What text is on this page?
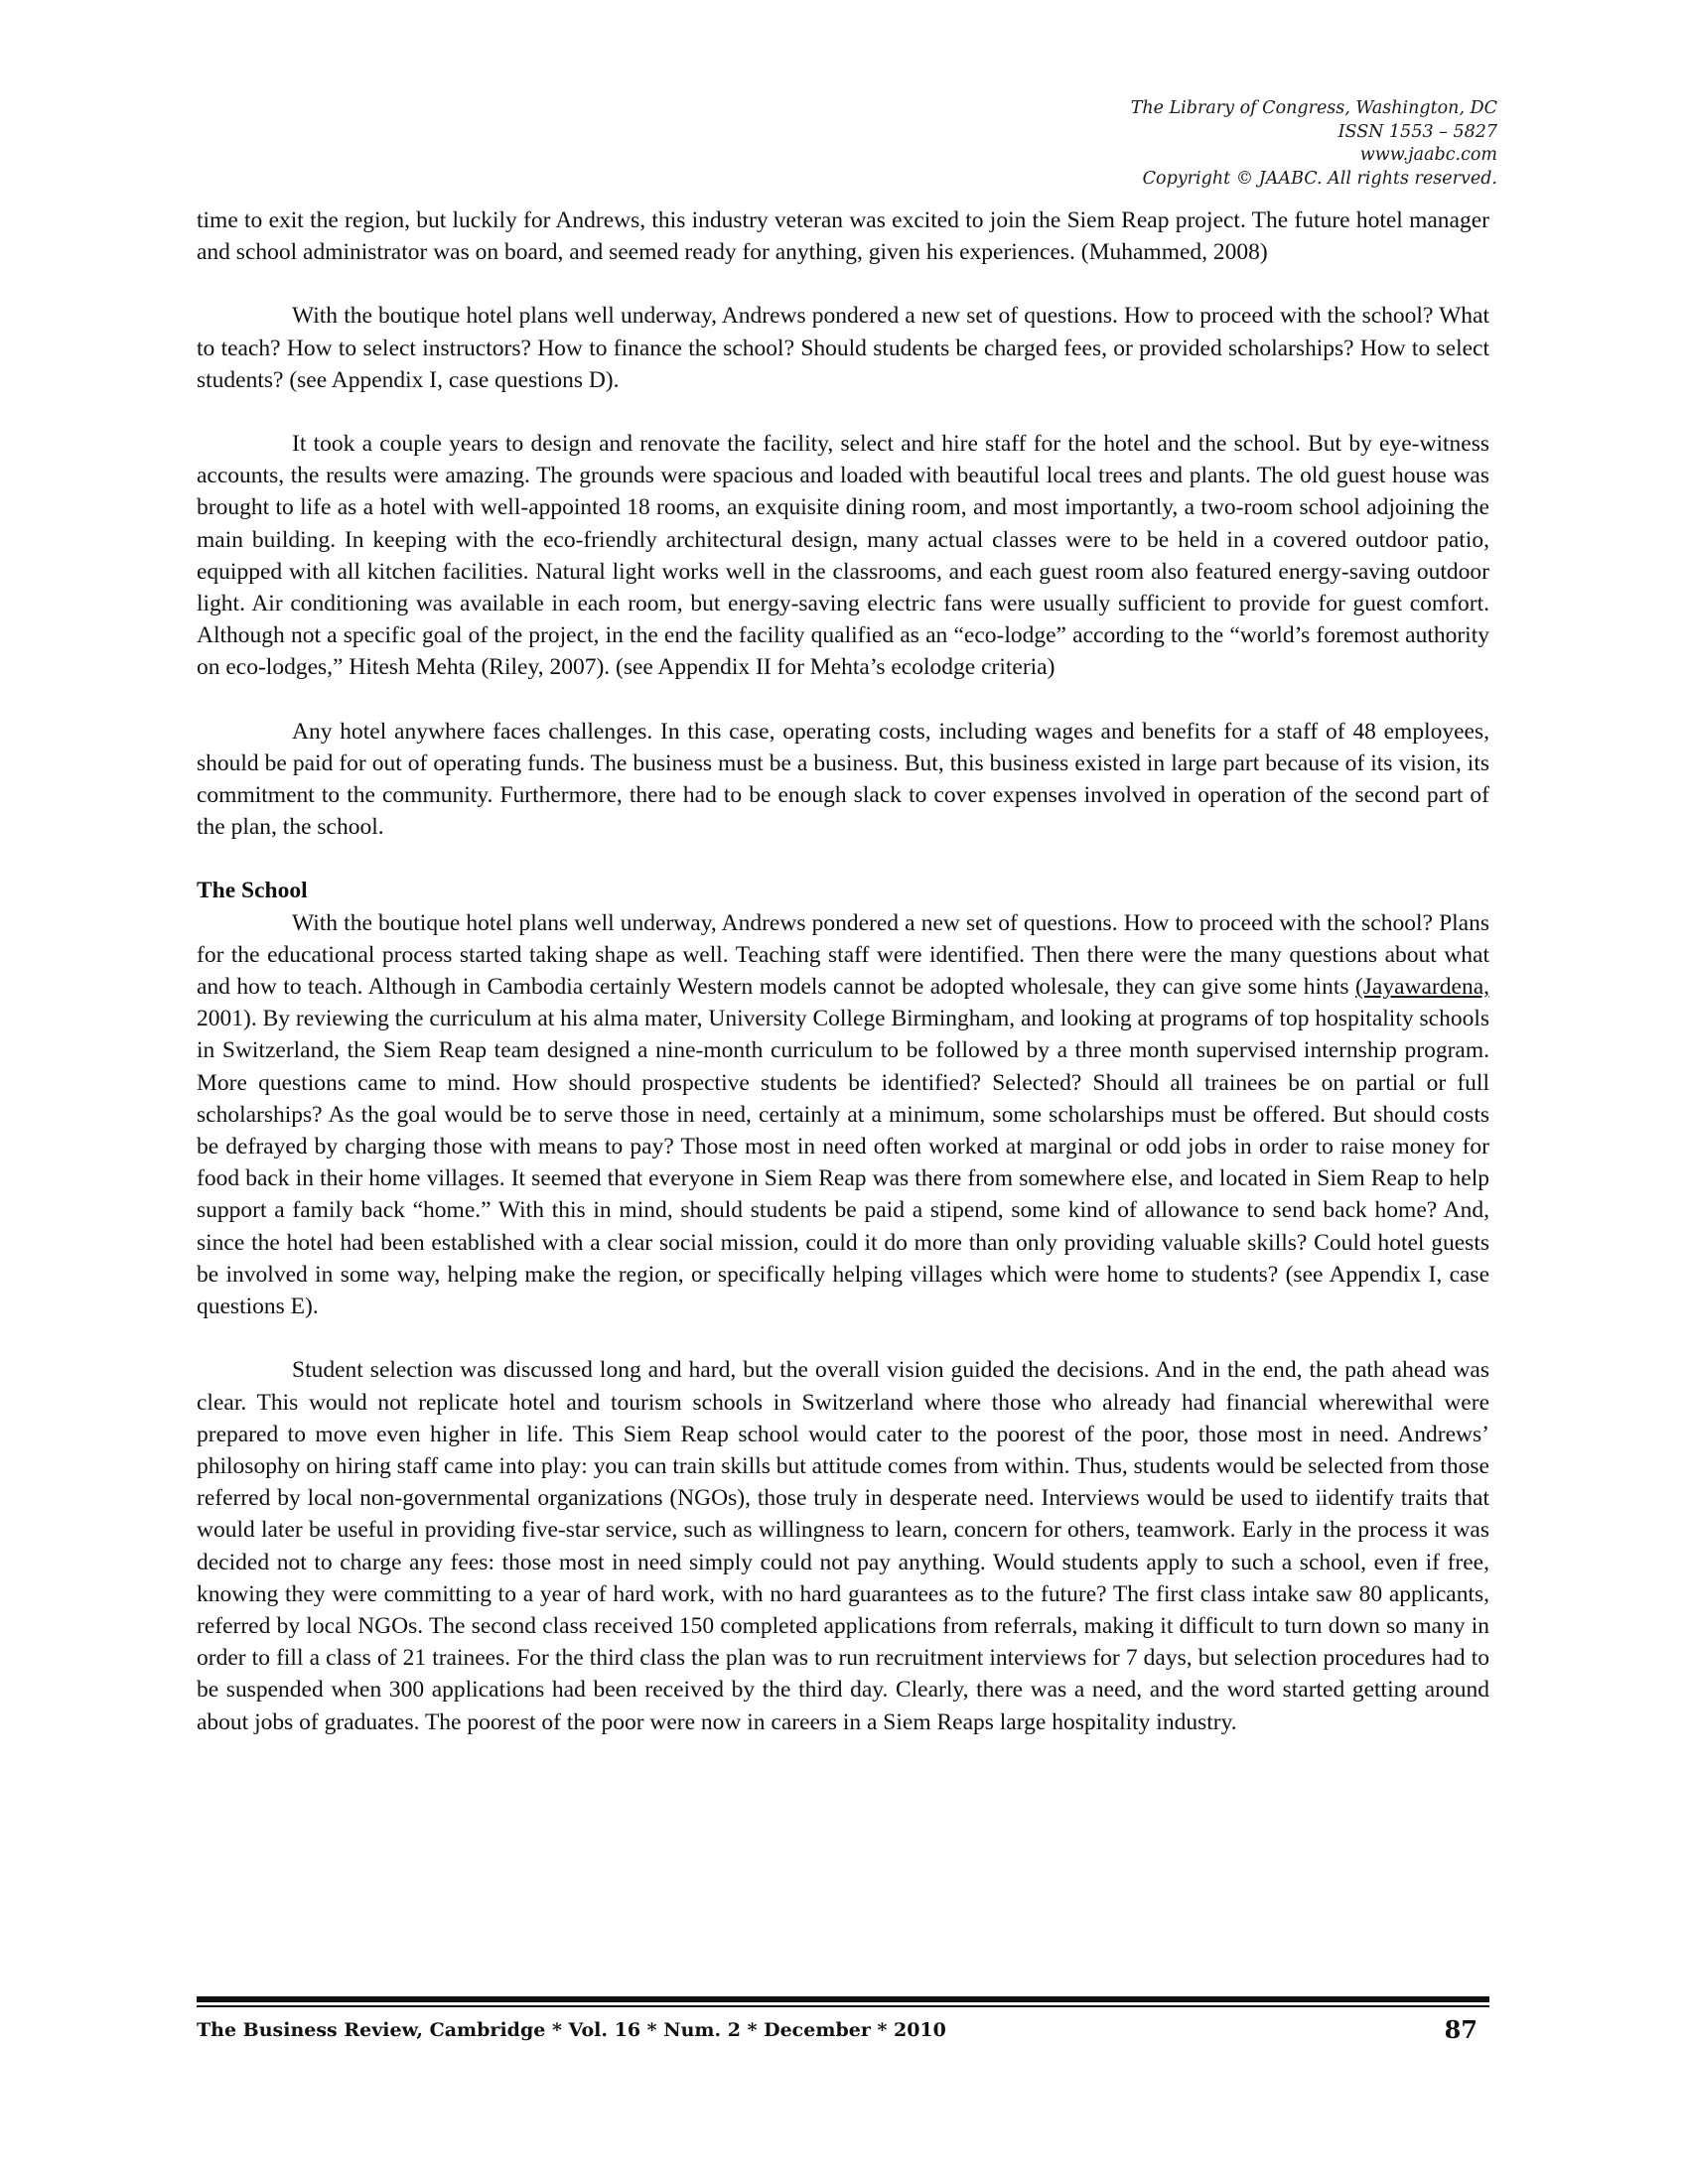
The Library of Congress, Washington, DC
ISSN 1553 – 5827
www.jaabc.com
Copyright © JAABC. All rights reserved.

time to exit the region, but luckily for Andrews, this industry veteran was excited to join the Siem Reap project. The future hotel manager and school administrator was on board, and seemed ready for anything, given his experiences. (Muhammed, 2008)

With the boutique hotel plans well underway, Andrews pondered a new set of questions. How to proceed with the school? What to teach? How to select instructors? How to finance the school? Should students be charged fees, or provided scholarships? How to select students? (see Appendix I, case questions D).

It took a couple years to design and renovate the facility, select and hire staff for the hotel and the school. But by eye-witness accounts, the results were amazing. The grounds were spacious and loaded with beautiful local trees and plants. The old guest house was brought to life as a hotel with well-appointed 18 rooms, an exquisite dining room, and most importantly, a two-room school adjoining the main building. In keeping with the eco-friendly architectural design, many actual classes were to be held in a covered outdoor patio, equipped with all kitchen facilities. Natural light works well in the classrooms, and each guest room also featured energy-saving outdoor light. Air conditioning was available in each room, but energy-saving electric fans were usually sufficient to provide for guest comfort. Although not a specific goal of the project, in the end the facility qualified as an “eco-lodge” according to the “world’s foremost authority on eco-lodges,” Hitesh Mehta (Riley, 2007). (see Appendix II for Mehta’s ecolodge criteria)

Any hotel anywhere faces challenges. In this case, operating costs, including wages and benefits for a staff of 48 employees, should be paid for out of operating funds. The business must be a business. But, this business existed in large part because of its vision, its commitment to the community. Furthermore, there had to be enough slack to cover expenses involved in operation of the second part of the plan, the school.

The School

With the boutique hotel plans well underway, Andrews pondered a new set of questions. How to proceed with the school? Plans for the educational process started taking shape as well. Teaching staff were identified. Then there were the many questions about what and how to teach. Although in Cambodia certainly Western models cannot be adopted wholesale, they can give some hints (Jayawardena, 2001). By reviewing the curriculum at his alma mater, University College Birmingham, and looking at programs of top hospitality schools in Switzerland, the Siem Reap team designed a nine-month curriculum to be followed by a three month supervised internship program. More questions came to mind. How should prospective students be identified? Selected? Should all trainees be on partial or full scholarships? As the goal would be to serve those in need, certainly at a minimum, some scholarships must be offered. But should costs be defrayed by charging those with means to pay? Those most in need often worked at marginal or odd jobs in order to raise money for food back in their home villages. It seemed that everyone in Siem Reap was there from somewhere else, and located in Siem Reap to help support a family back “home.” With this in mind, should students be paid a stipend, some kind of allowance to send back home? And, since the hotel had been established with a clear social mission, could it do more than only providing valuable skills? Could hotel guests be involved in some way, helping make the region, or specifically helping villages which were home to students? (see Appendix I, case questions E).

Student selection was discussed long and hard, but the overall vision guided the decisions. And in the end, the path ahead was clear. This would not replicate hotel and tourism schools in Switzerland where those who already had financial wherewithal were prepared to move even higher in life. This Siem Reap school would cater to the poorest of the poor, those most in need. Andrews’ philosophy on hiring staff came into play: you can train skills but attitude comes from within. Thus, students would be selected from those referred by local non-governmental organizations (NGOs), those truly in desperate need. Interviews would be used to iidentify traits that would later be useful in providing five-star service, such as willingness to learn, concern for others, teamwork. Early in the process it was decided not to charge any fees: those most in need simply could not pay anything. Would students apply to such a school, even if free, knowing they were committing to a year of hard work, with no hard guarantees as to the future? The first class intake saw 80 applicants, referred by local NGOs. The second class received 150 completed applications from referrals, making it difficult to turn down so many in order to fill a class of 21 trainees. For the third class the plan was to run recruitment interviews for 7 days, but selection procedures had to be suspended when 300 applications had been received by the third day. Clearly, there was a need, and the word started getting around about jobs of graduates. The poorest of the poor were now in careers in a Siem Reaps large hospitality industry.

The Business Review, Cambridge * Vol. 16 * Num. 2 * December * 2010	87
